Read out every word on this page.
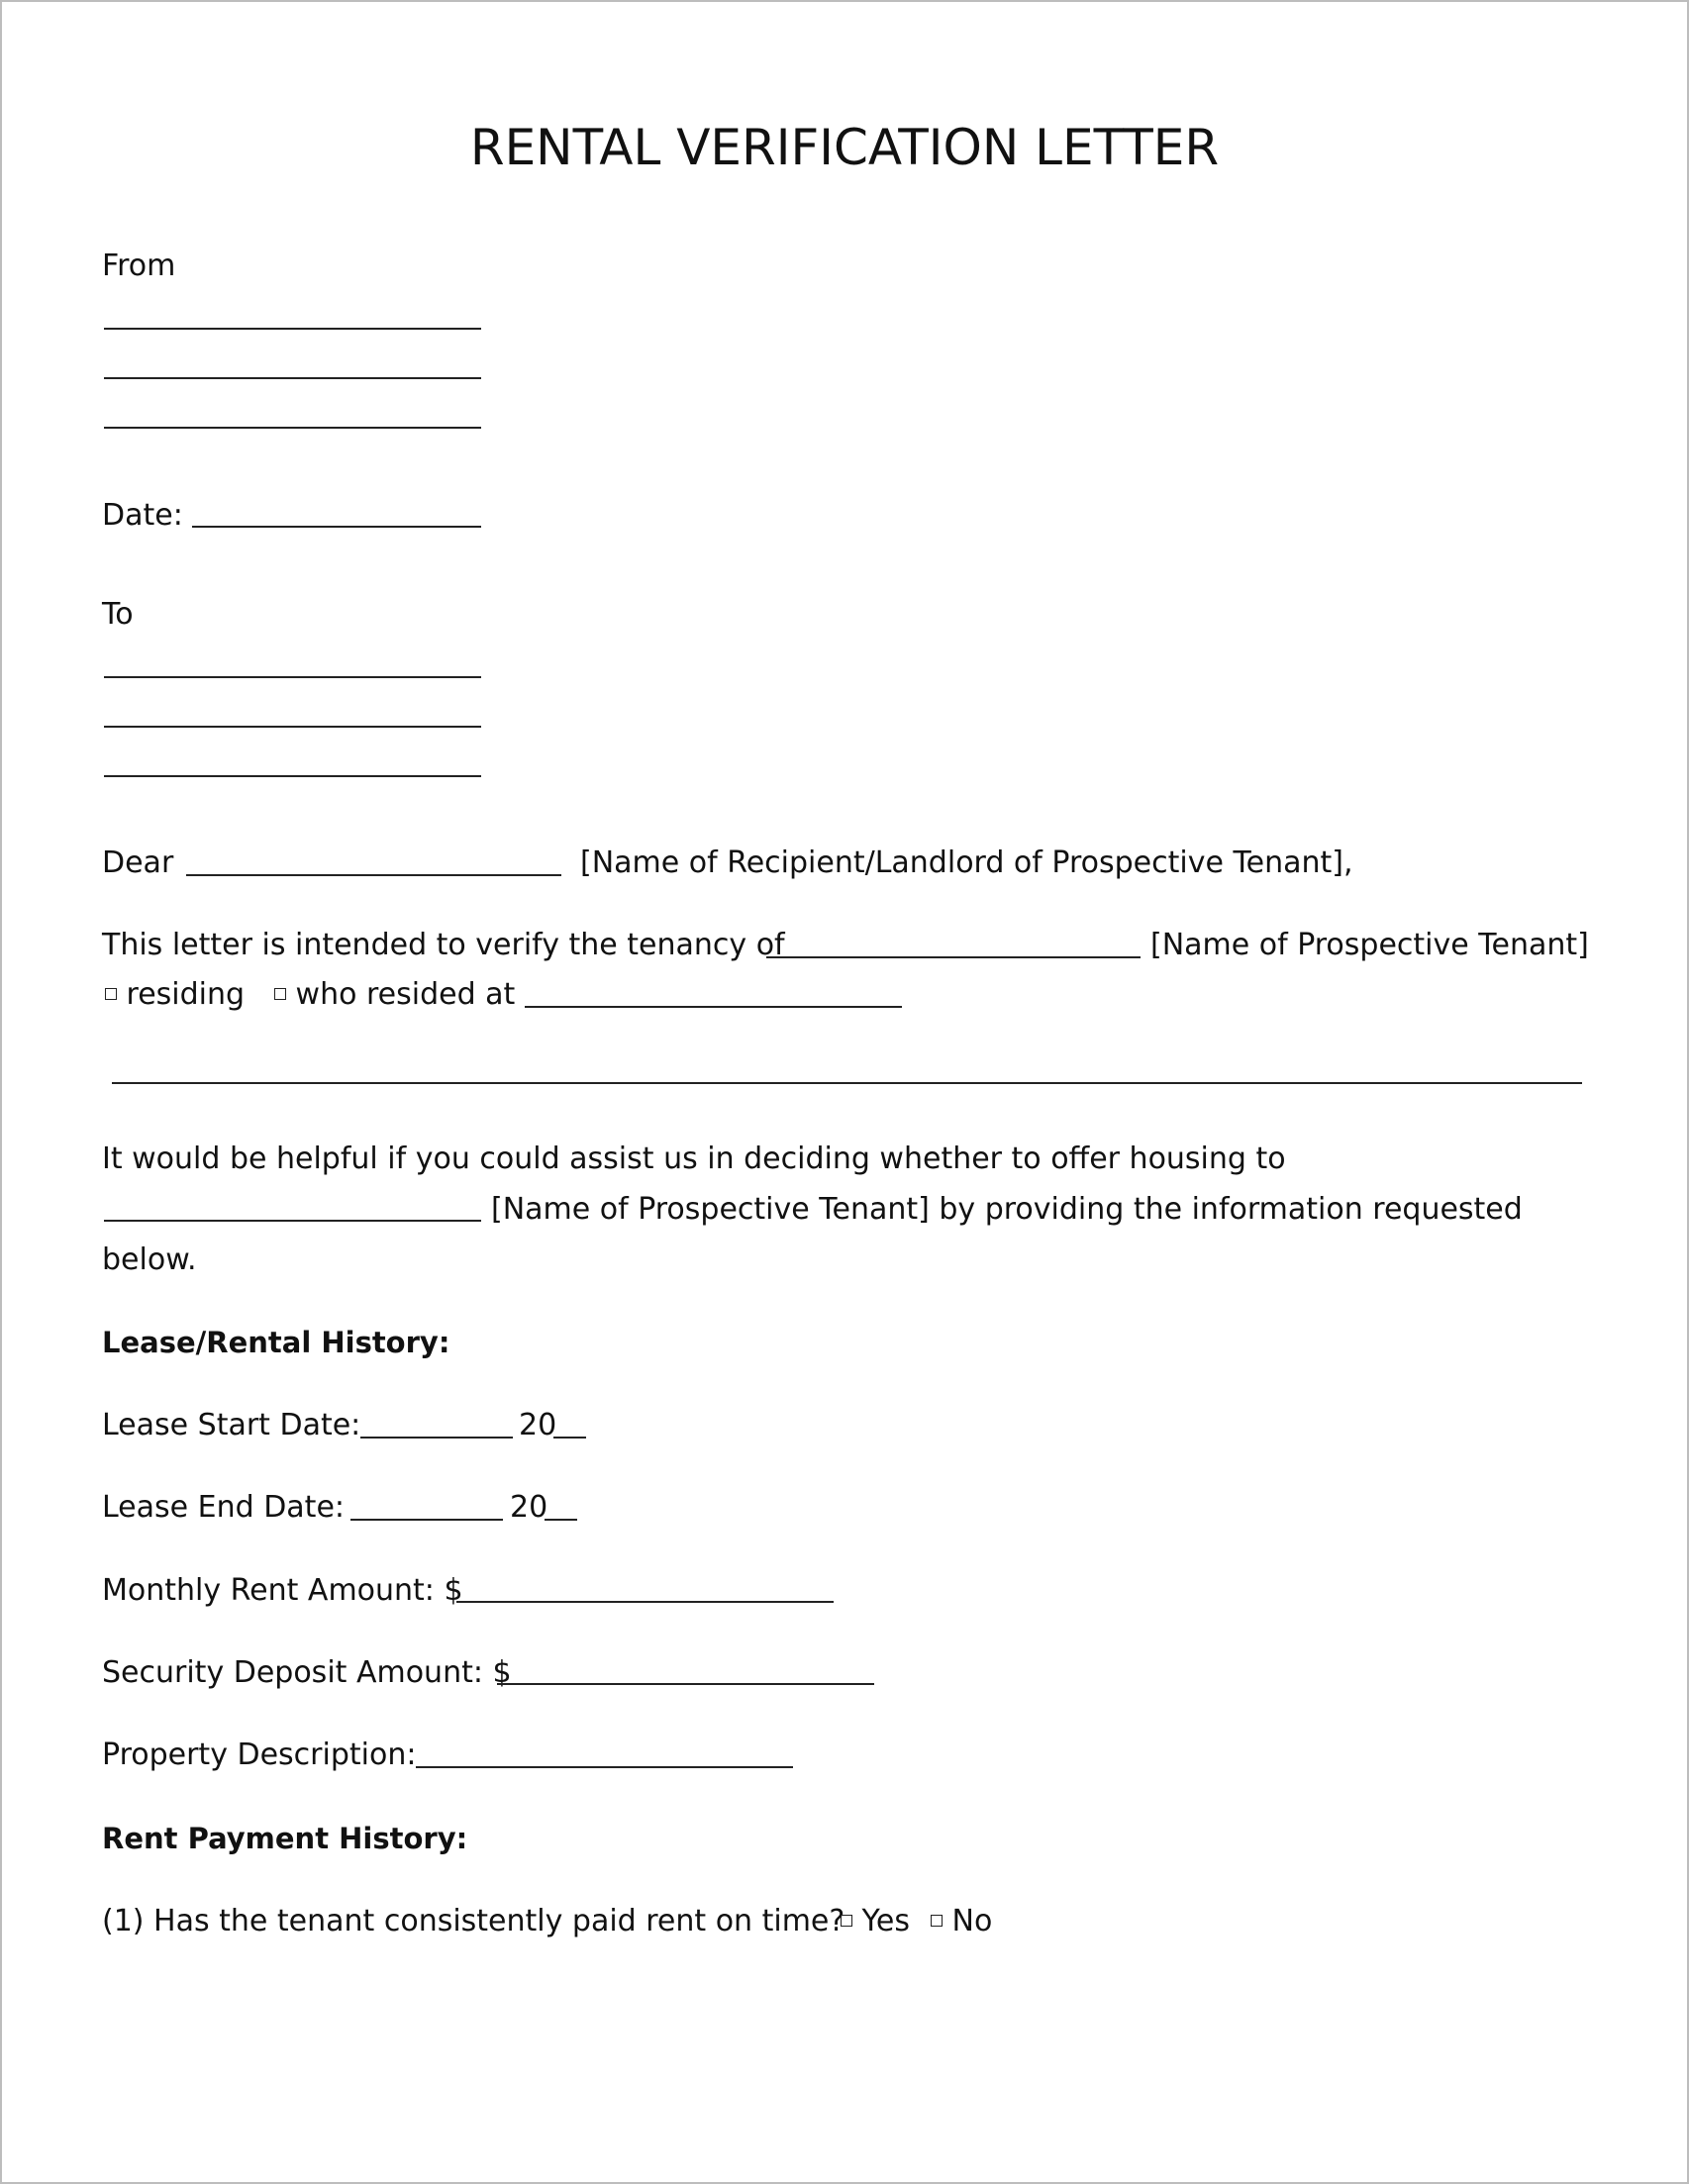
RENTAL VERIFICATION LETTER
From
Date:
To
Dear	[Name of Recipient/Landlord of Prospective Tenant],
This letter is intended to verify the tenancy of	[Name of Prospective Tenant]
residing	who resided at
It would be helpful if you could assist us in deciding whether to offer housing to
[Name of Prospective Tenant] by providing the information requested
below.
Lease/Rental History:
Lease Start Date:	20
Lease End Date:	20
Monthly Rent Amount: $
Security Deposit Amount: $
Property Description:
Rent Payment History:
(1) Has the tenant consistently paid rent on time? Yes	No
